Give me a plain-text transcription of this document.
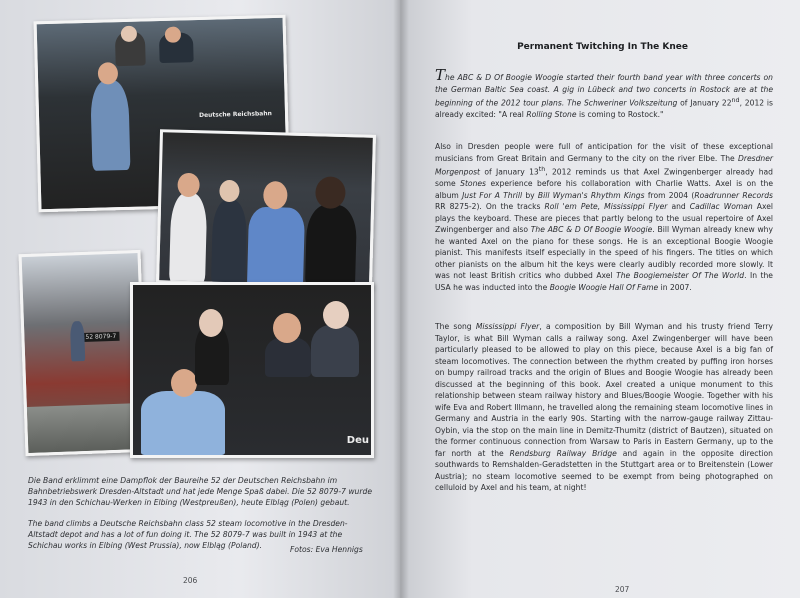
Deutsche Reichsbahn
52 8079-7
Deu

Die Band erklimmt eine Dampflok der Baureihe 52 der Deutschen Reichsbahn im Bahnbetriebswerk Dresden-Altstadt und hat jede Menge Spaß dabei. Die 52 8079-7 wurde 1943 in den Schichau-Werken in Elbing (Westpreußen), heute Elbląg (Polen) gebaut.

The band climbs a Deutsche Reichsbahn class 52 steam locomotive in the Dresden-Altstadt depot and has a lot of fun doing it. The 52 8079-7 was built in 1943 at the Schichau works in Elbing (West Prussia), now Elbląg (Poland).	Fotos: Eva Hennigs

206
Permanent Twitching In The Knee

The ABC & D Of Boogie Woogie started their fourth band year with three concerts on the German Baltic Sea coast. A gig in Lübeck and two concerts in Rostock are at the beginning of the 2012 tour plans. The Schweriner Volkszeitung of January 22nd, 2012 is already excited: "A real Rolling Stone is coming to Rostock."

Also in Dresden people were full of anticipation for the visit of these exceptional musicians from Great Britain and Germany to the city on the river Elbe. The Dresdner Morgenpost of January 13th, 2012 reminds us that Axel Zwingenberger already had some Stones experience before his collaboration with Charlie Watts. Axel is on the album Just For A Thrill by Bill Wyman's Rhythm Kings from 2004 (Roadrunner Records RR 8275-2). On the tracks Roll 'em Pete, Mississippi Flyer and Cadillac Woman Axel plays the keyboard. These are pieces that partly belong to the usual repertoire of Axel Zwingenberger and also The ABC & D Of Boogie Woogie. Bill Wyman already knew why he wanted Axel on the piano for these songs. He is an exceptional Boogie Woogie pianist. This manifests itself especially in the speed of his fingers. The titles on which other pianists on the album hit the keys were clearly audibly recorded more slowly. It was not least British critics who dubbed Axel The Boogiemeister Of The World. In the USA he was inducted into the Boogie Woogie Hall Of Fame in 2007.

The song Mississippi Flyer, a composition by Bill Wyman and his trusty friend Terry Taylor, is what Bill Wyman calls a railway song. Axel Zwingenberger will have been particularly pleased to be allowed to play on this piece, because Axel is a big fan of steam locomotives. The connection between the rhythm created by puffing iron horses on bumpy railroad tracks and the origin of Blues and Boogie Woogie has already been discussed at the beginning of this book. Axel created a unique monument to this relationship between steam railway history and Blues/Boogie Woogie. Together with his wife Eva and Robert Illmann, he travelled along the remaining steam locomotive lines in Germany and Austria in the early 90s. Starting with the narrow-gauge railway Zittau-Oybin, via the stop on the main line in Demitz-Thumitz (district of Bautzen), situated on the former continuous connection from Warsaw to Paris in Eastern Germany, up to the far north at the Rendsburg Railway Bridge and again in the opposite direction southwards to Remshalden-Geradstetten in the Stuttgart area or to Breitenstein (Lower Austria); no steam locomotive seemed to be exempt from being photographed on celluloid by Axel and his team, at night!

207
